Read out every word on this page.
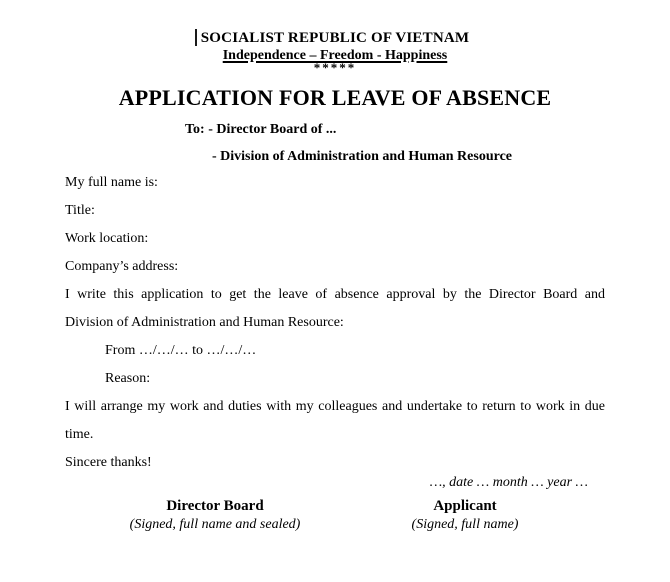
SOCIALIST REPUBLIC OF VIETNAM
Independence – Freedom - Happiness
*****
APPLICATION FOR LEAVE OF ABSENCE
To: - Director Board of ...
- Division of Administration and Human Resource
My full name is:
Title:
Work location:
Company’s address:
I write this application to get the leave of absence approval by the Director Board and
Division of Administration and Human Resource:
From …/…/… to …/…/…
Reason:
I will arrange my work and duties with my colleagues and undertake to return to work in due
time.
Sincere thanks!
…, date … month … year …
Director Board
(Signed, full name and sealed)
Applicant
(Signed, full name)
